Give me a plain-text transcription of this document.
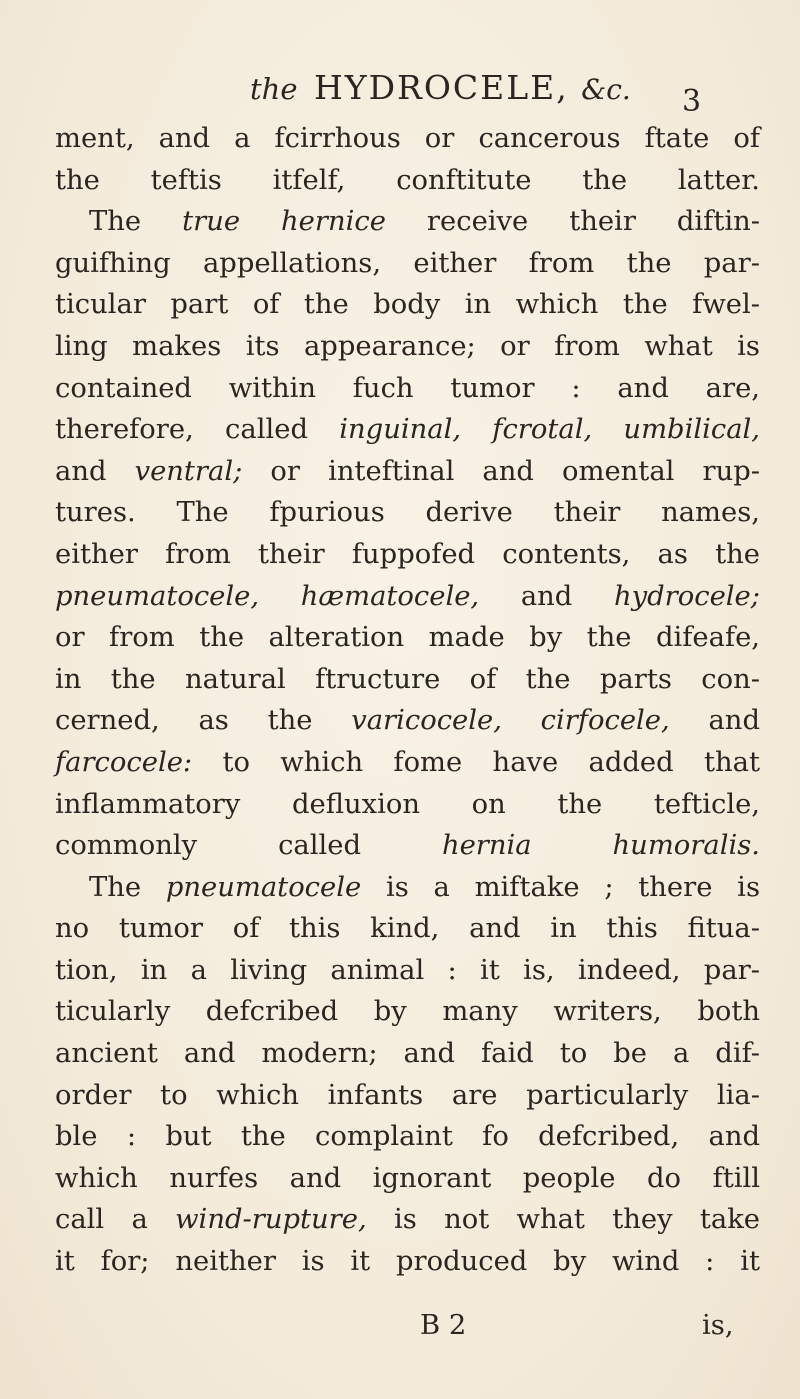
the HYDROCELE, &c.	3
ment, and a fcirrhous or cancerous ftate of
the teftis itfelf, conftitute the latter.
The true hernice receive their diftin-
guifhing appellations, either from the par-
ticular part of the body in which the fwel-
ling makes its appearance; or from what is
contained within fuch tumor : and are,
therefore, called inguinal, fcrotal, umbilical,
and ventral; or inteftinal and omental rup-
tures. The fpurious derive their names,
either from their fuppofed contents, as the
pneumatocele, hæmatocele, and hydrocele;
or from the alteration made by the difeafe,
in the natural ftructure of the parts con-
cerned, as the varicocele, cirfocele, and
farcocele: to which fome have added that
inflammatory defluxion on the tefticle,
commonly called hernia humoralis.
The pneumatocele is a miftake ; there is
no tumor of this kind, and in this fitua-
tion, in a living animal : it is, indeed, par-
ticularly defcribed by many writers, both
ancient and modern; and faid to be a dif-
order to which infants are particularly lia-
ble : but the complaint fo defcribed, and
which nurfes and ignorant people do ftill
call a wind-rupture, is not what they take
it for; neither is it produced by wind : it
B 2	is,
